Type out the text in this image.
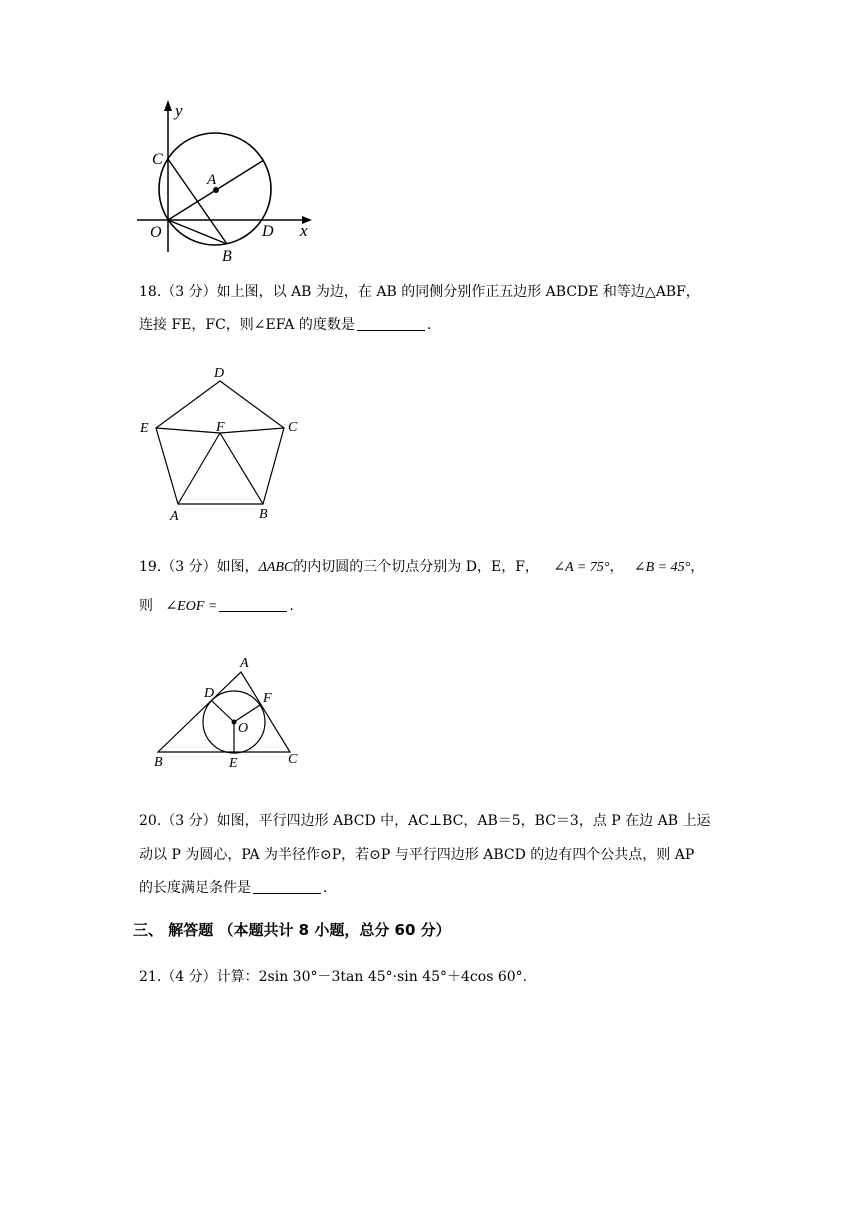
y
x
C
A
O	D
B
18.（3 分）如上图，以 AB 为边，在 AB 的同侧分别作正五边形 ABCDE 和等边△ABF，
连接 FE，FC，则∠EFA 的度数是	.
D
E	F	C
A	B
19.（3 分）如图，ΔABC的内切圆的三个切点分别为 D，E，F， ∠A = 75°， ∠B = 45°，
则 ∠EOF =	.
A
D	F
O
B	E	C
20.（3 分）如图，平行四边形 ABCD 中，AC⊥BC，AB＝5，BC＝3，点 P 在边 AB 上运
动以 P 为圆心，PA 为半径作⊙P，若⊙P 与平行四边形 ABCD 的边有四个公共点，则 AP
的长度满足条件是	.
三、 解答题 （本题共计 8 小题，总分 60 分）
21.（4 分）计算：2sin 30°－3tan 45°·sin 45°＋4cos 60°.
